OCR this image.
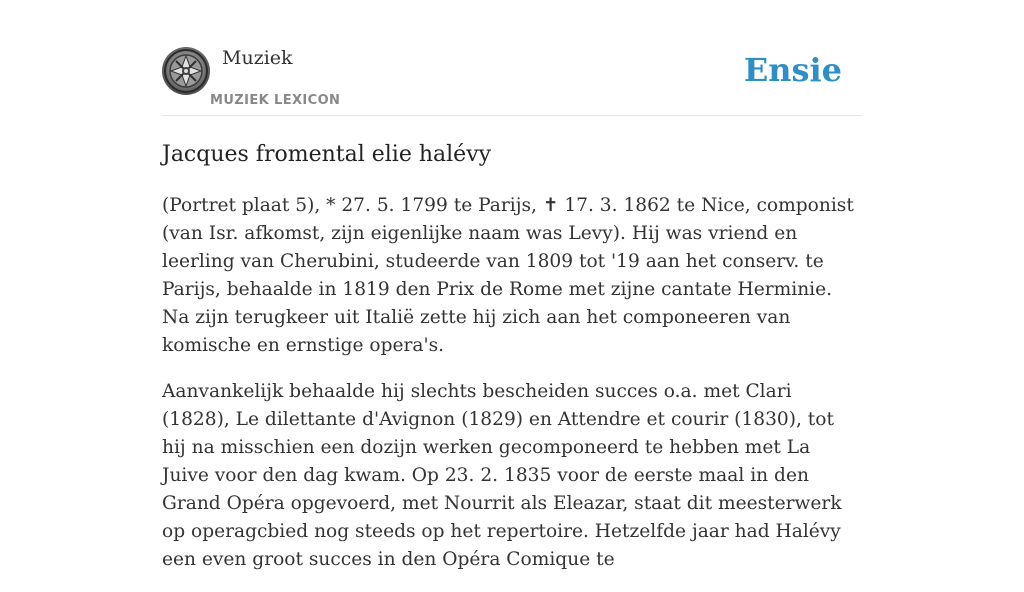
Muziek
MUZIEK LEXICON
Ensie
Jacques fromental elie halévy

(Portret plaat 5), * 27. 5. 1799 te Parijs, ✝ 17. 3. 1862 te Nice, componist (van Isr. afkomst, zijn eigenlijke naam was Levy). Hij was vriend en leerling van Cherubini, studeerde van 1809 tot '19 aan het conserv. te Parijs, behaalde in 1819 den Prix de Rome met zijne cantate Herminie. Na zijn terugkeer uit Italië zette hij zich aan het componeeren van komische en ernstige opera's.

Aanvankelijk behaalde hij slechts bescheiden succes o.a. met Clari (1828), Le dilettante d'Avignon (1829) en Attendre et courir (1830), tot hij na misschien een dozijn werken gecomponeerd te hebben met La Juive voor den dag kwam. Op 23. 2. 1835 voor de eerste maal in den Grand Opéra opgevoerd, met Nourrit als Eleazar, staat dit meesterwerk op operagcbied nog steeds op het repertoire. Hetzelfde jaar had Halévy een even groot succes in den Opéra Comique te
